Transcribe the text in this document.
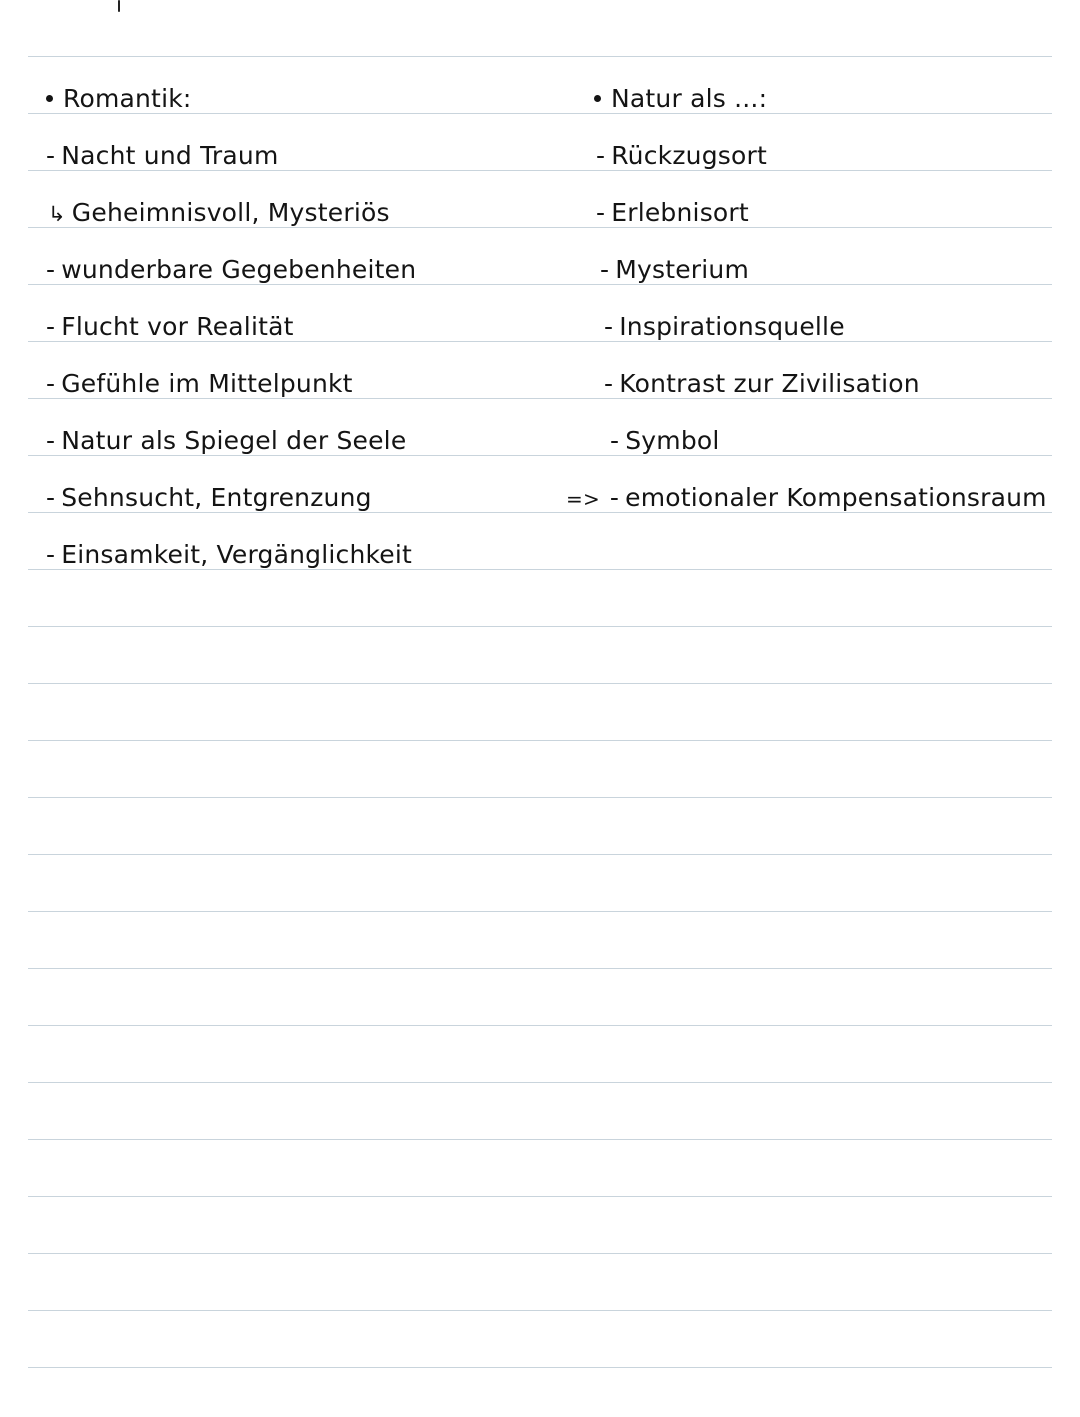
Romantik:
- Nacht und Traum
↳ Geheimnisvoll, Mysteriös
- wunderbare Gegebenheiten
- Flucht vor Realität
- Gefühle im Mittelpunkt
- Natur als Spiegel der Seele
- Sehnsucht, Entgrenzung
- Einsamkeit, Vergänglichkeit
Natur als ...:
- Rückzugsort
- Erlebnisort
- Mysterium
- Inspirationsquelle
- Kontrast zur Zivilisation
- Symbol
=> - emotionaler Kompensationsraum
